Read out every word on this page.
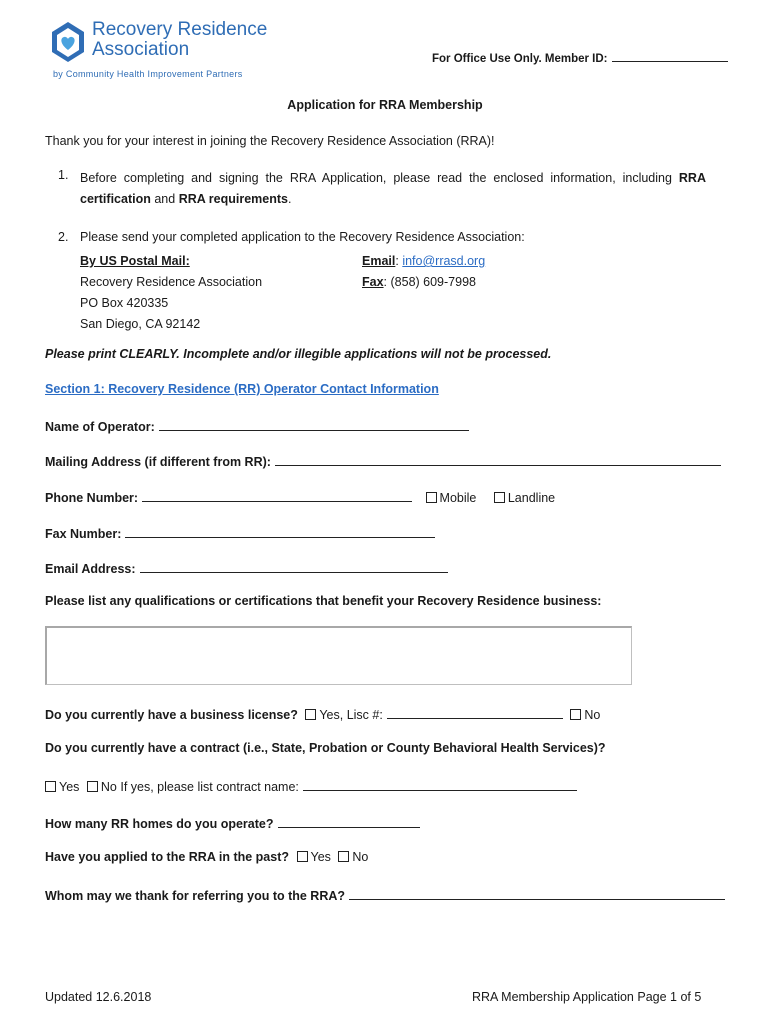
Recovery Residence
Association
by Community Health Improvement Partners
For Office Use Only. Member ID:
Application for RRA Membership
Thank you for your interest in joining the Recovery Residence Association (RRA)!
1. Before completing and signing the RRA Application, please read the enclosed information, including RRA certification and RRA requirements.
2. Please send your completed application to the Recovery Residence Association:
By US Postal Mail:
Recovery Residence Association
PO Box 420335
San Diego, CA 92142
Email: info@rrasd.org
Fax: (858) 609-7998
Please print CLEARLY. Incomplete and/or illegible applications will not be processed.
Section 1: Recovery Residence (RR) Operator Contact Information
Name of Operator:
Mailing Address (if different from RR):
Phone Number:	Mobile	Landline
Fax Number:
Email Address:
Please list any qualifications or certifications that benefit your Recovery Residence business:
Do you currently have a business license? Yes, Lisc #:	No
Do you currently have a contract (i.e., State, Probation or County Behavioral Health Services)?
Yes No If yes, please list contract name:
How many RR homes do you operate?
Have you applied to the RRA in the past? Yes No
Whom may we thank for referring you to the RRA?
Updated 12.6.2018	RRA Membership Application Page 1 of 5
